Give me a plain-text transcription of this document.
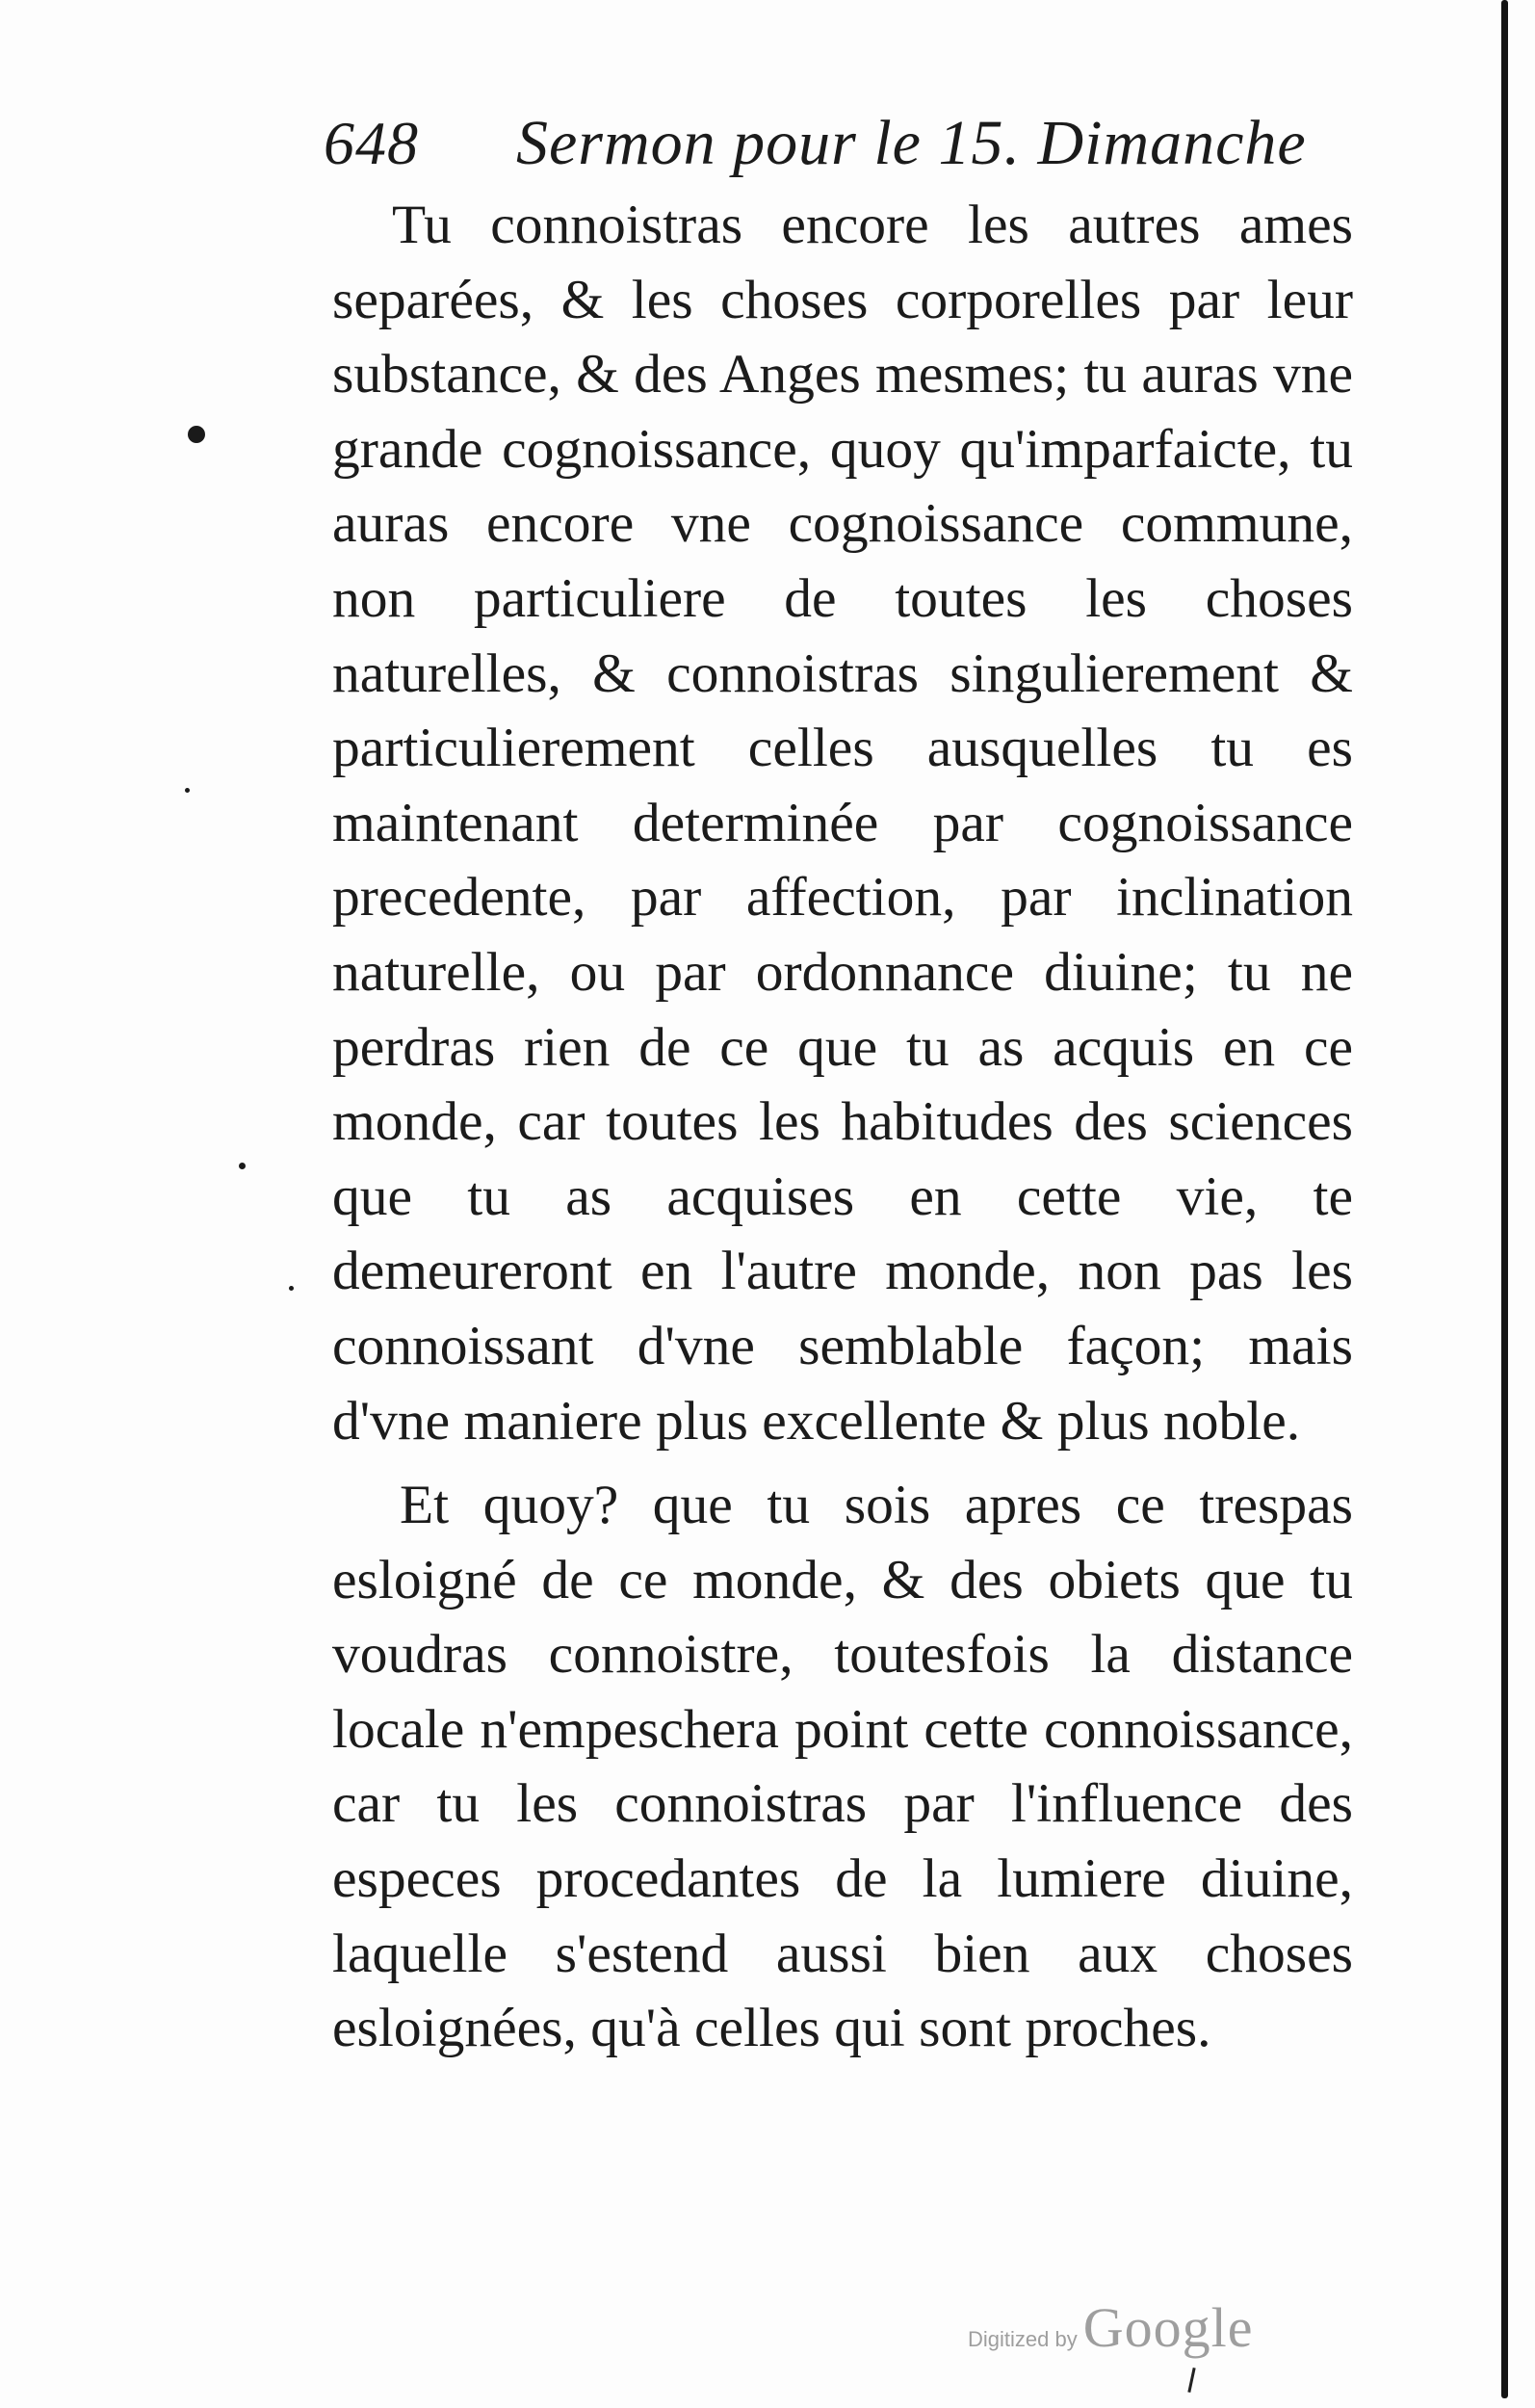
648 Sermon pour le 15. Dimanche

Tu connoistras encore les autres ames separées, & les choses corporelles par leur substance, & des Anges mesmes; tu auras vne grande cognoissance, quoy qu'imparfaicte, tu auras encore vne cognoissance commune, non particuliere de toutes les choses naturelles, & connoistras singulierement & particulierement celles ausquelles tu es maintenant determinée par cognoissance precedente, par affection, par inclination naturelle, ou par ordonnance diuine; tu ne perdras rien de ce que tu as acquis en ce monde, car toutes les habitudes des sciences que tu as acquises en cette vie, te demeureront en l'autre monde, non pas les connoissant d'vne semblable façon; mais d'vne maniere plus excellente & plus noble.

Et quoy? que tu sois apres ce trespas esloigné de ce monde, & des obiets que tu voudras connoistre, toutesfois la distance locale n'empeschera point cette connoissance, car tu les connoistras par l'influence des especes procedantes de la lumiere diuine, laquelle s'estend aussi bien aux choses esloignées, qu'à celles qui sont proches.

Digitized by Google
